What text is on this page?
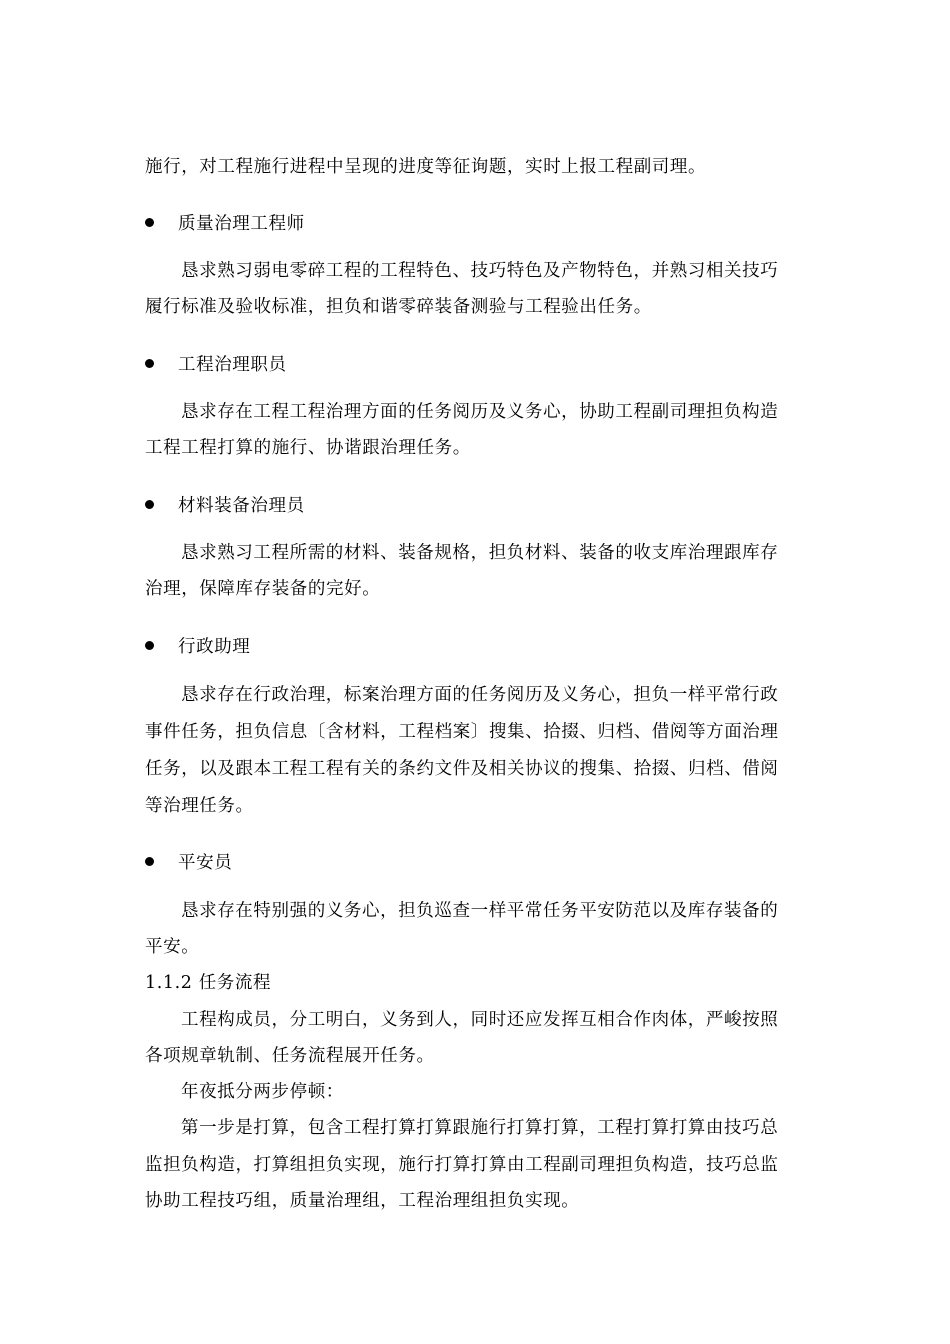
施行，对工程施行进程中呈现的进度等征询题，实时上报工程副司理。
质量治理工程师
恳求熟习弱电零碎工程的工程特色、技巧特色及产物特色，并熟习相关技巧
履行标准及验收标准，担负和谐零碎装备测验与工程验出任务。
工程治理职员
恳求存在工程工程治理方面的任务阅历及义务心，协助工程副司理担负构造
工程工程打算的施行、协谐跟治理任务。
材料装备治理员
恳求熟习工程所需的材料、装备规格，担负材料、装备的收支库治理跟库存
治理，保障库存装备的完好。
行政助理
恳求存在行政治理，标案治理方面的任务阅历及义务心，担负一样平常行政
事件任务，担负信息〔含材料，工程档案〕搜集、拾掇、归档、借阅等方面治理
任务，以及跟本工程工程有关的条约文件及相关协议的搜集、拾掇、归档、借阅
等治理任务。
平安员
恳求存在特别强的义务心，担负巡查一样平常任务平安防范以及库存装备的
平安。
1.1.2 任务流程
工程构成员，分工明白，义务到人，同时还应发挥互相合作肉体，严峻按照
各项规章轨制、任务流程展开任务。
年夜抵分两步停顿：
第一步是打算，包含工程打算打算跟施行打算打算，工程打算打算由技巧总
监担负构造，打算组担负实现，施行打算打算由工程副司理担负构造，技巧总监
协助工程技巧组，质量治理组，工程治理组担负实现。
